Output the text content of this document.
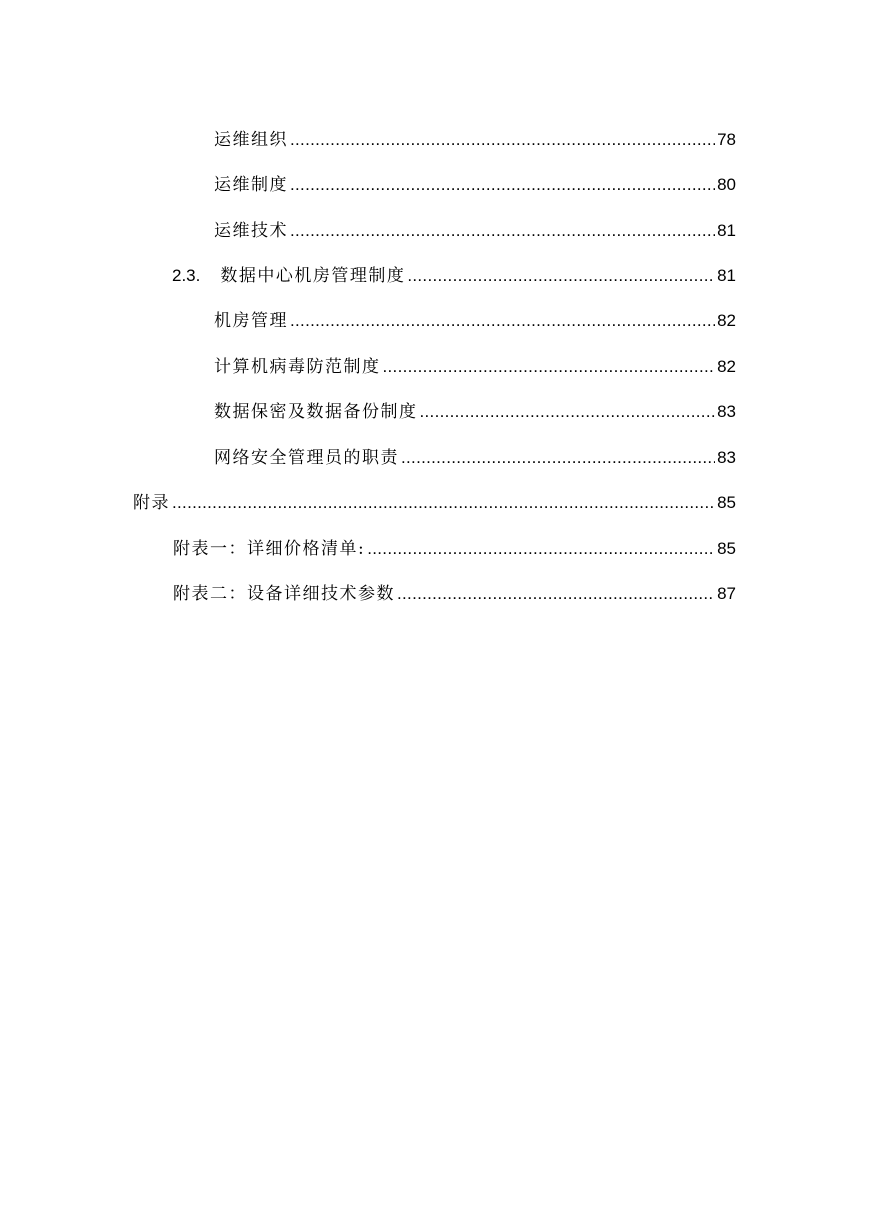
运维组织 .....	78
运维制度 .....	80
运维技术 .....	81
2.3. 数据中心机房管理制度 .....	81
机房管理 .....	82
计算机病毒防范制度 .....	82
数据保密及数据备份制度 .....	83
网络安全管理员的职责 .....	83
附录 .....	85
附表一：详细价格清单: .....	85
附表二：设备详细技术参数 .....	87
